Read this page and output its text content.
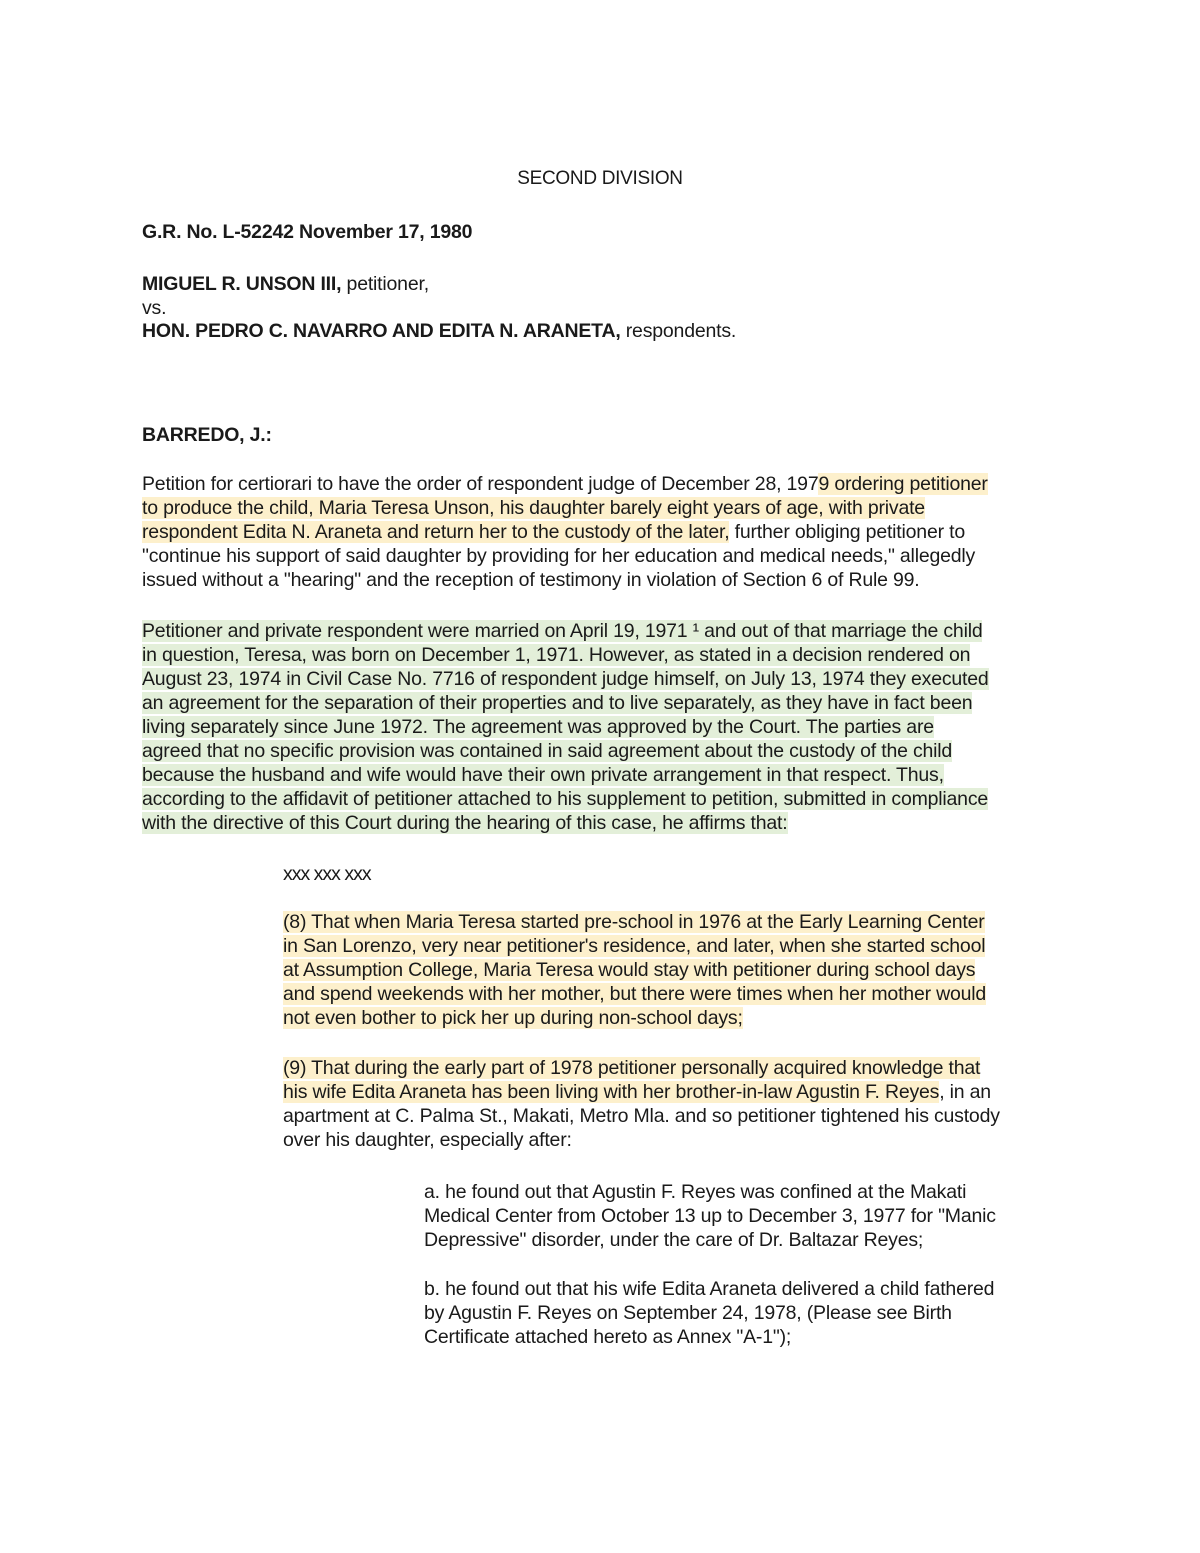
SECOND DIVISION
G.R. No. L-52242 November 17, 1980
MIGUEL R. UNSON III, petitioner,
vs.
HON. PEDRO C. NAVARRO AND EDITA N. ARANETA, respondents.
BARREDO, J.:
Petition for certiorari to have the order of respondent judge of December 28, 1979 ordering petitioner
to produce the child, Maria Teresa Unson, his daughter barely eight years of age, with private
respondent Edita N. Araneta and return her to the custody of the later, further obliging petitioner to
"continue his support of said daughter by providing for her education and medical needs," allegedly
issued without a "hearing" and the reception of testimony in violation of Section 6 of Rule 99.
Petitioner and private respondent were married on April 19, 1971 ¹ and out of that marriage the child
in question, Teresa, was born on December 1, 1971. However, as stated in a decision rendered on
August 23, 1974 in Civil Case No. 7716 of respondent judge himself, on July 13, 1974 they executed
an agreement for the separation of their properties and to live separately, as they have in fact been
living separately since June 1972. The agreement was approved by the Court. The parties are
agreed that no specific provision was contained in said agreement about the custody of the child
because the husband and wife would have their own private arrangement in that respect. Thus,
according to the affidavit of petitioner attached to his supplement to petition, submitted in compliance
with the directive of this Court during the hearing of this case, he affirms that:
xxx xxx xxx
(8) That when Maria Teresa started pre-school in 1976 at the Early Learning Center
in San Lorenzo, very near petitioner's residence, and later, when she started school
at Assumption College, Maria Teresa would stay with petitioner during school days
and spend weekends with her mother, but there were times when her mother would
not even bother to pick her up during non-school days;
(9) That during the early part of 1978 petitioner personally acquired knowledge that
his wife Edita Araneta has been living with her brother-in-law Agustin F. Reyes, in an
apartment at C. Palma St., Makati, Metro Mla. and so petitioner tightened his custody
over his daughter, especially after:
a. he found out that Agustin F. Reyes was confined at the Makati
Medical Center from October 13 up to December 3, 1977 for "Manic
Depressive" disorder, under the care of Dr. Baltazar Reyes;
b. he found out that his wife Edita Araneta delivered a child fathered
by Agustin F. Reyes on September 24, 1978, (Please see Birth
Certificate attached hereto as Annex "A-1");
